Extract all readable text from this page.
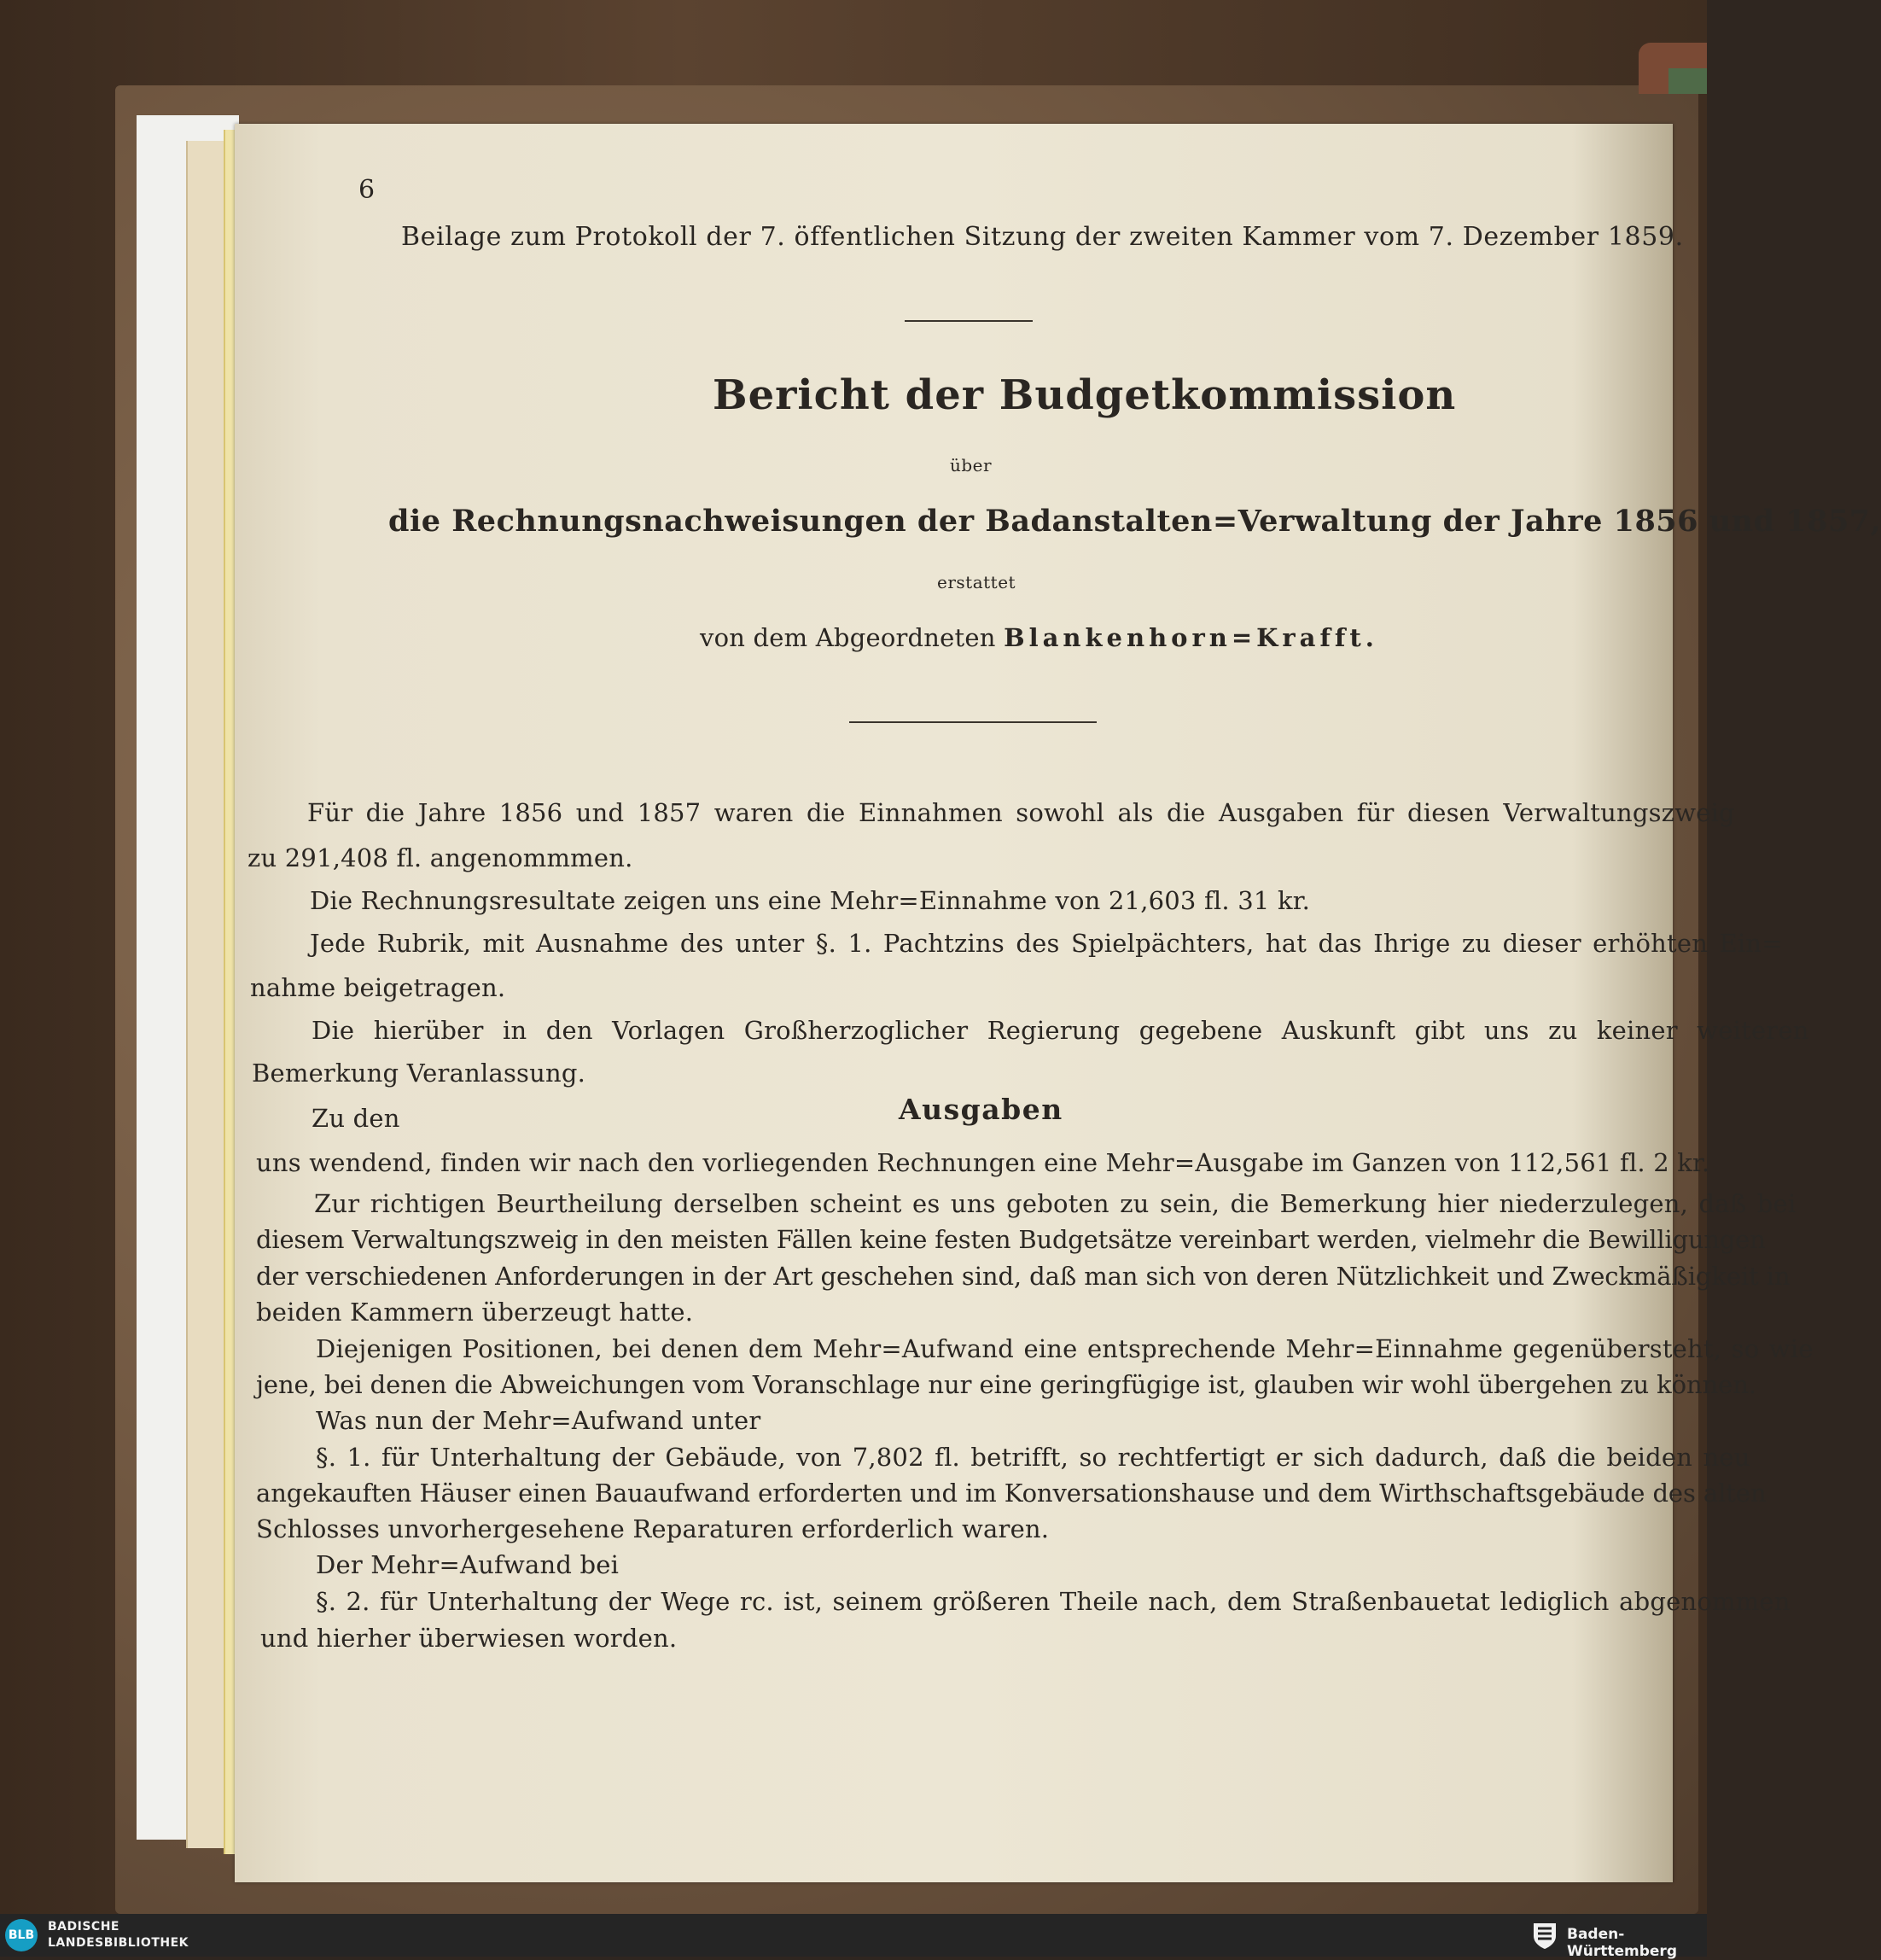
6
Beilage zum Protokoll der 7. öffentlichen Sitzung der zweiten Kammer vom 7. Dezember 1859.
Bericht der Budgetkommission
über
die Rechnungsnachweisungen der Badanstalten=Verwaltung der Jahre 1856 und 1857,
erstattet
von dem Abgeordneten Blankenhorn=Krafft.
Für die Jahre 1856 und 1857 waren die Einnahmen sowohl als die Ausgaben für diesen Verwaltungszweig
zu 291,408 fl. angenommmen.
Die Rechnungsresultate zeigen uns eine Mehr=Einnahme von 21,603 fl. 31 kr.
Jede Rubrik, mit Ausnahme des unter §. 1. Pachtzins des Spielpächters, hat das Ihrige zu dieser erhöhten Ein=
nahme beigetragen.
Die hierüber in den Vorlagen Großherzoglicher Regierung gegebene Auskunft gibt uns zu keiner weiteren
Bemerkung Veranlassung.
Zu den	Ausgaben
uns wendend, finden wir nach den vorliegenden Rechnungen eine Mehr=Ausgabe im Ganzen von 112,561 fl. 2 kr.
Zur richtigen Beurtheilung derselben scheint es uns geboten zu sein, die Bemerkung hier niederzulegen, daß bei
diesem Verwaltungszweig in den meisten Fällen keine festen Budgetsätze vereinbart werden, vielmehr die Bewilligungen
der verschiedenen Anforderungen in der Art geschehen sind, daß man sich von deren Nützlichkeit und Zweckmäßigkeit in
beiden Kammern überzeugt hatte.
Diejenigen Positionen, bei denen dem Mehr=Aufwand eine entsprechende Mehr=Einnahme gegenübersteht, so wie
jene, bei denen die Abweichungen vom Voranschlage nur eine geringfügige ist, glauben wir wohl übergehen zu können.
Was nun der Mehr=Aufwand unter
§. 1. für Unterhaltung der Gebäude, von 7,802 fl. betrifft, so rechtfertigt er sich dadurch, daß die beiden neu
angekauften Häuser einen Bauaufwand erforderten und im Konversationshause und dem Wirthschaftsgebäude des alten
Schlosses unvorhergesehene Reparaturen erforderlich waren.
Der Mehr=Aufwand bei
§. 2. für Unterhaltung der Wege rc. ist, seinem größeren Theile nach, dem Straßenbauetat lediglich abgenommen
und hierher überwiesen worden.
BLB
BADISCHE
LANDESBIBLIOTHEK	Baden-Württemberg
